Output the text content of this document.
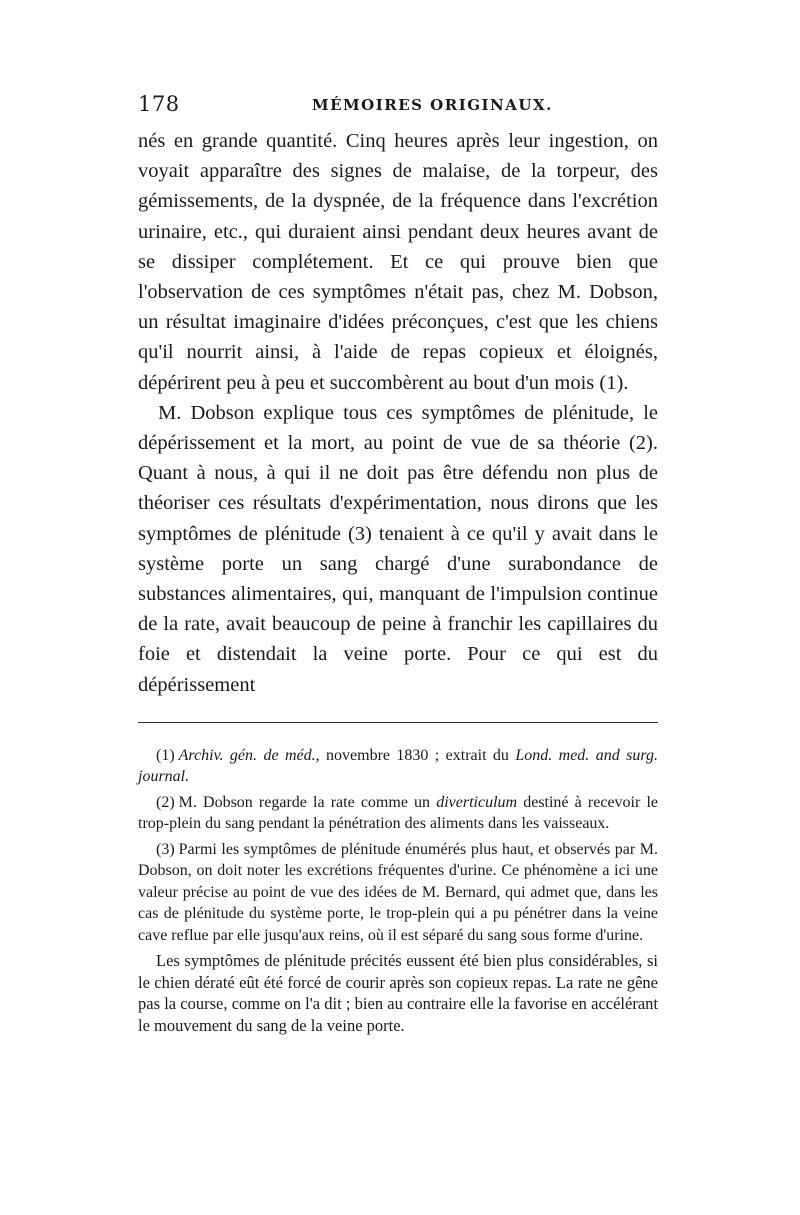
178	MÉMOIRES ORIGINAUX.

nés en grande quantité. Cinq heures après leur ingestion, on voyait apparaître des signes de malaise, de la torpeur, des gémissements, de la dyspnée, de la fréquence dans l'excrétion urinaire, etc., qui duraient ainsi pendant deux heures avant de se dissiper complétement. Et ce qui prouve bien que l'observation de ces symptômes n'était pas, chez M. Dobson, un résultat imaginaire d'idées préconçues, c'est que les chiens qu'il nourrit ainsi, à l'aide de repas copieux et éloignés, dépérirent peu à peu et succombèrent au bout d'un mois (1).

M. Dobson explique tous ces symptômes de plénitude, le dépérissement et la mort, au point de vue de sa théorie (2). Quant à nous, à qui il ne doit pas être défendu non plus de théoriser ces résultats d'expérimentation, nous dirons que les symptômes de plénitude (3) tenaient à ce qu'il y avait dans le système porte un sang chargé d'une surabondance de substances alimentaires, qui, manquant de l'impulsion continue de la rate, avait beaucoup de peine à franchir les capillaires du foie et distendait la veine porte. Pour ce qui est du dépérissement

(1) Archiv. gén. de méd., novembre 1830 ; extrait du Lond. med. and surg. journal.

(2) M. Dobson regarde la rate comme un diverticulum destiné à recevoir le trop-plein du sang pendant la pénétration des aliments dans les vaisseaux.

(3) Parmi les symptômes de plénitude énumérés plus haut, et observés par M. Dobson, on doit noter les excrétions fréquentes d'urine. Ce phénomène a ici une valeur précise au point de vue des idées de M. Bernard, qui admet que, dans les cas de plénitude du système porte, le trop-plein qui a pu pénétrer dans la veine cave reflue par elle jusqu'aux reins, où il est séparé du sang sous forme d'urine.

Les symptômes de plénitude précités eussent été bien plus considérables, si le chien dératé eût été forcé de courir après son copieux repas. La rate ne gêne pas la course, comme on l'a dit ; bien au contraire elle la favorise en accélérant le mouvement du sang de la veine porte.
